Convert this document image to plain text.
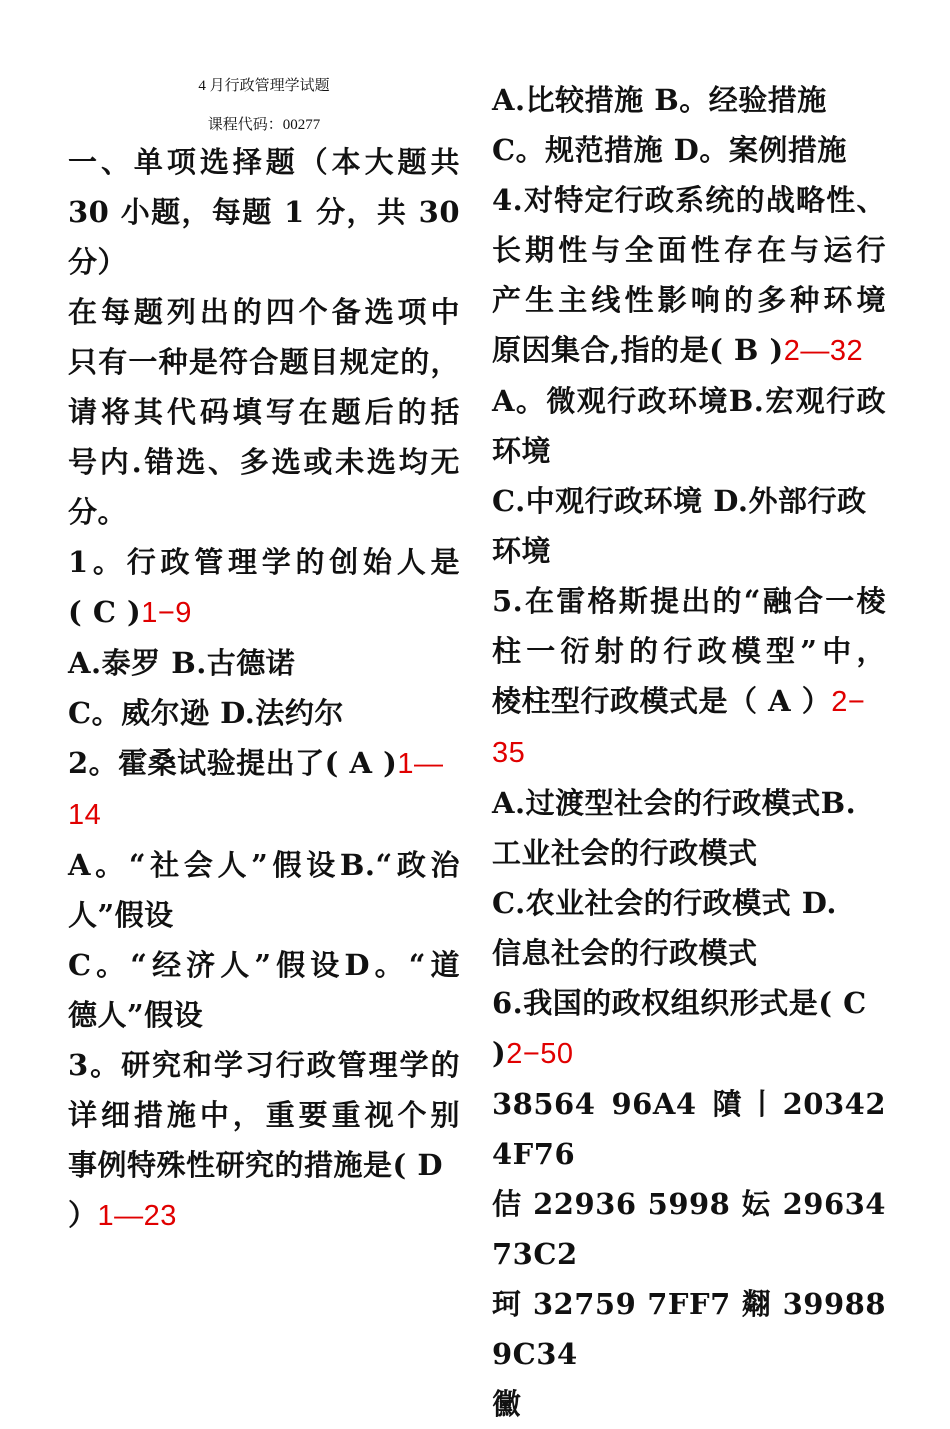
4 月行政管理学试题
课程代码：00277
一、单项选择题（本大题共
30 小题，每题 1 分，共 30
分）
在每题列出的四个备选项中
只有一种是符合题目规定的，
请将其代码填写在题后的括
号内.错选、多选或未选均无
分。
1。行政管理学的创始人是
( C )1−9
A.泰罗 B.古德诺
C。威尔逊 D.法约尔
2。霍桑试验提出了( A )1—
14
A。“社会人”假设B.“政治
人”假设
C。“经济人”假设D。“道
德人”假设
3。研究和学习行政管理学的
详细措施中，重要重视个别
事例特殊性研究的措施是( D
）1—23
A.比较措施 B。经验措施
C。规范措施 D。案例措施
4.对特定行政系统的战略性、
长期性与全面性存在与运行
产生主线性影响的多种环境
原因集合,指的是( B )2—32
A。微观行政环境B.宏观行政
环境
C.中观行政环境 D.外部行政
环境
5.在雷格斯提出的“融合一棱
柱一衍射的行政模型”中，
棱柱型行政模式是（ A ）2−
35
A.过渡型社会的行政模式B.
工业社会的行政模式
C.农业社会的行政模式 D.
信息社会的行政模式
6.我国的政权组织形式是( C
)2−50
38564 96A4 隫丨20342 4F76
佶 22936 5998 妘 29634 73C2
珂 32759 7FF7 翷 39988 9C34
黴
